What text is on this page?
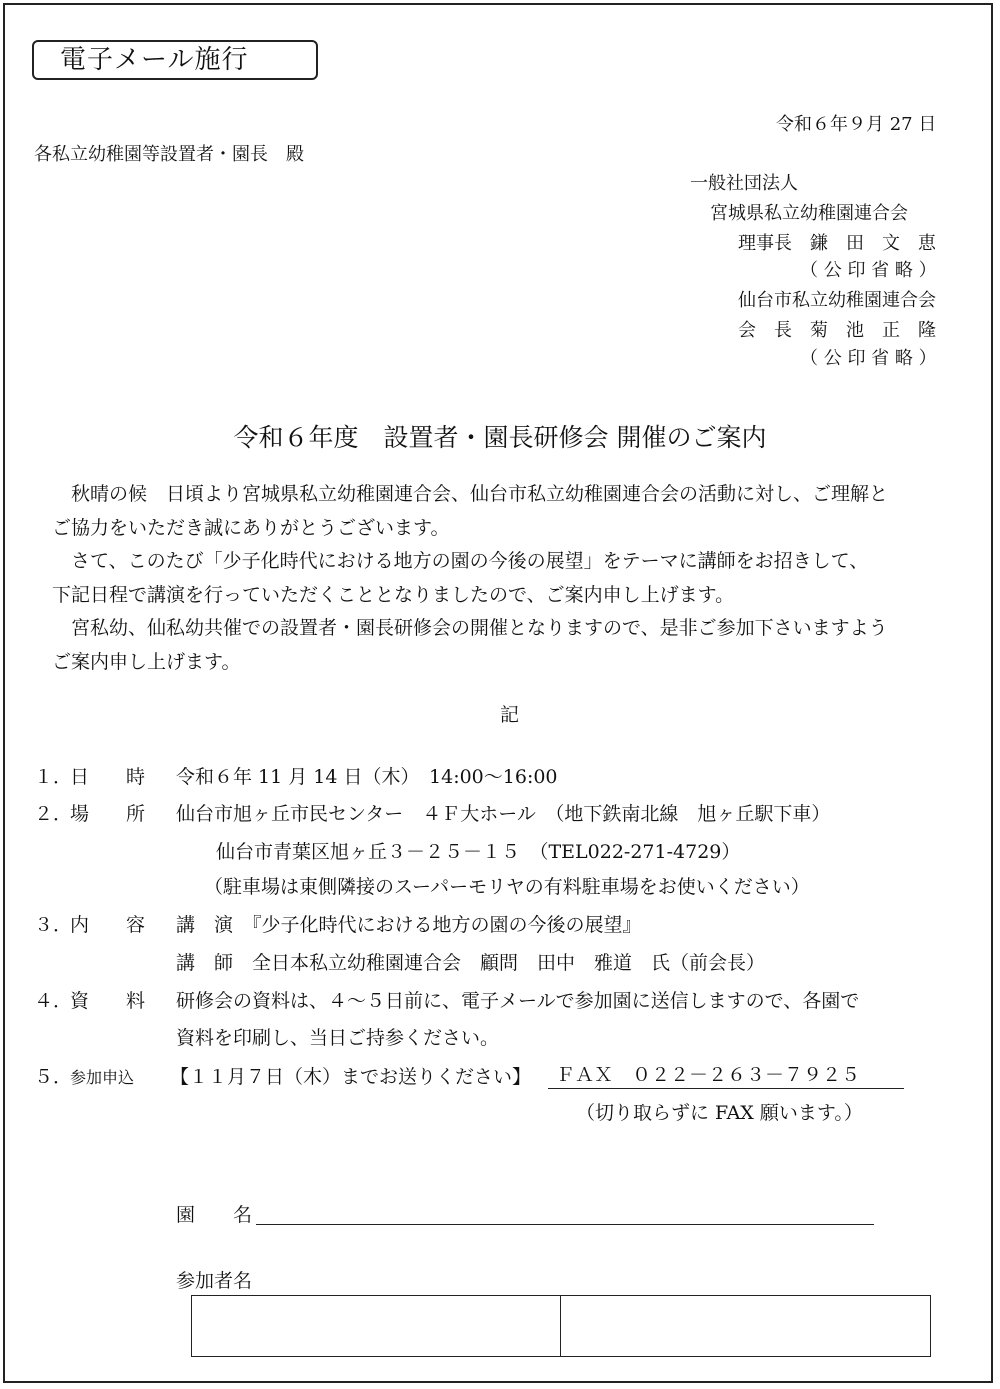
電子メール施行
令和６年９月 27 日
各私立幼稚園等設置者・園長　殿
一般社団法人
宮城県私立幼稚園連合会
理事長　鎌　田　文　恵
（ 公 印 省 略 ）
仙台市私立幼稚園連合会
会　長　菊　池　正　隆
（ 公 印 省 略 ）
令和６年度　設置者・園長研修会 開催のご案内

　秋晴の候　日頃より宮城県私立幼稚園連合会、仙台市私立幼稚園連合会の活動に対し、ご理解と

ご協力をいただき誠にありがとうございます。

　さて、このたび「少子化時代における地方の園の今後の展望」をテーマに講師をお招きして、

下記日程で講演を行っていただくこととなりましたので、ご案内申し上げます。

　宮私幼、仙私幼共催での設置者・園長研修会の開催となりますので、是非ご参加下さいますよう

ご案内申し上げます。

記
１．
日　時 令和６年 11 月 14 日（木）　14:00〜16:00
２．
場　所 仙台市旭ヶ丘市民センター　４Ｆ大ホール　（地下鉄南北線　旭ヶ丘駅下車）
仙台市青葉区旭ヶ丘３－２５－１５　（TEL022-271-4729）
（駐車場は東側隣接のスーパーモリヤの有料駐車場をお使いください）
３．
内　容 講　演　『少子化時代における地方の園の今後の展望』
講　師　全日本私立幼稚園連合会　顧問　田中　雅道　氏（前会長）
４．
資　料 研修会の資料は、４〜５日前に、電子メールで参加園に送信しますので、各園で
資料を印刷し、当日ご持参ください。
５．
参加申込 【１１月７日（木）までお送りください】 ＦＡＸ　０２２－２６３－７９２５
（切り取らずに FAX 願います。）
園　　名
参加者名
